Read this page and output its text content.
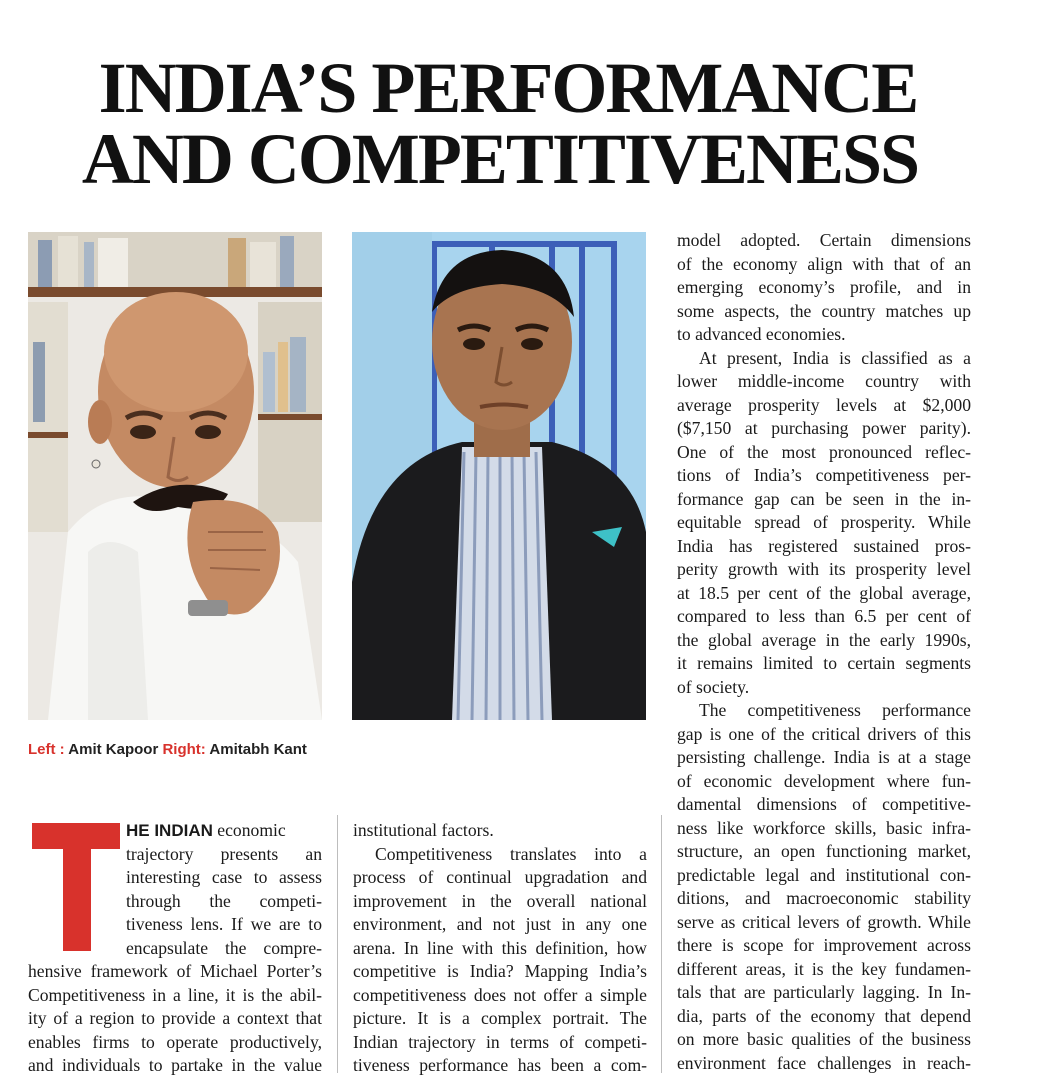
INDIA’S PERFORMANCE
AND COMPETITIVENESS
Left : Amit Kapoor Right: Amitabh Kant
HE INDIAN economic
trajectory presents an
interesting case to assess
through the competi-
tiveness lens. If we are to
encapsulate the compre-
hensive framework of Michael Porter’s
Competitiveness in a line, it is the abil-
ity of a region to provide a context that
enables firms to operate productively,
and individuals to partake in the value
institutional factors.
Competitiveness translates into a
process of continual upgradation and
improvement in the overall national
environment, and not just in any one
arena. In line with this definition, how
competitive is India? Mapping India’s
competitiveness does not offer a simple
picture. It is a complex portrait. The
Indian trajectory in terms of competi-
tiveness performance has been a com-
model adopted. Certain dimensions
of the economy align with that of an
emerging economy’s profile, and in
some aspects, the country matches up
to advanced economies.
At present, India is classified as a
lower middle-income country with
average prosperity levels at $2,000
($7,150 at purchasing power parity).
One of the most pronounced reflec-
tions of India’s competitiveness per-
formance gap can be seen in the in-
equitable spread of prosperity. While
India has registered sustained pros-
perity growth with its prosperity level
at 18.5 per cent of the global average,
compared to less than 6.5 per cent of
the global average in the early 1990s,
it remains limited to certain segments
of society.
The competitiveness performance
gap is one of the critical drivers of this
persisting challenge. India is at a stage
of economic development where fun-
damental dimensions of competitive-
ness like workforce skills, basic infra-
structure, an open functioning market,
predictable legal and institutional con-
ditions, and macroeconomic stability
serve as critical levers of growth. While
there is scope for improvement across
different areas, it is the key fundamen-
tals that are particularly lagging. In In-
dia, parts of the economy that depend
on more basic qualities of the business
environment face challenges in reach-
